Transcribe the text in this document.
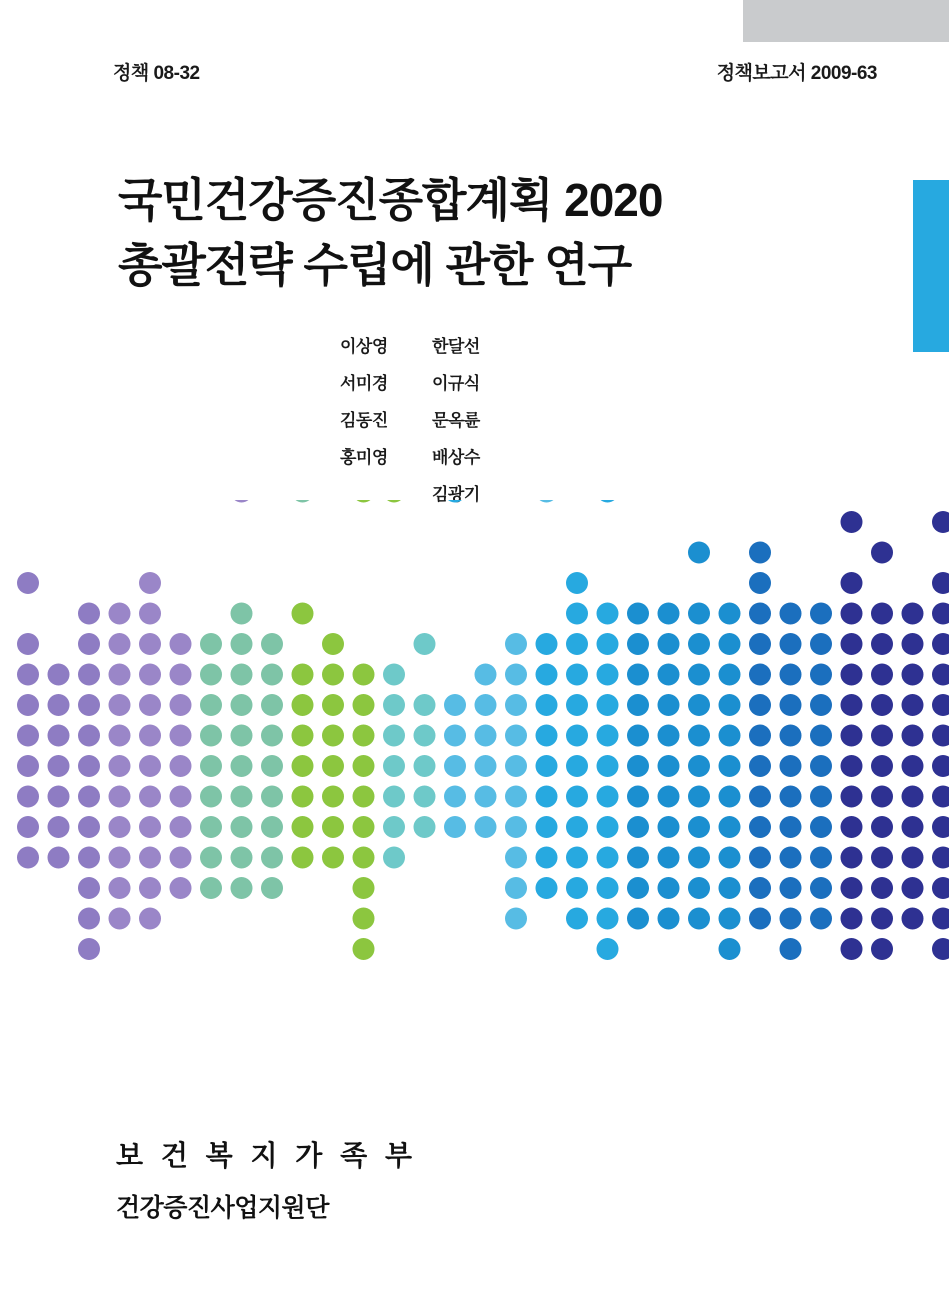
정책 08-32	정책보고서 2009-63
국민건강증진종합계획 2020
총괄전략 수립에 관한 연구
이상영	한달선
서미경	이규식
김동진	문옥륜
홍미영	배상수
김광기
보 건 복 지 가 족 부
건강증진사업지원단
